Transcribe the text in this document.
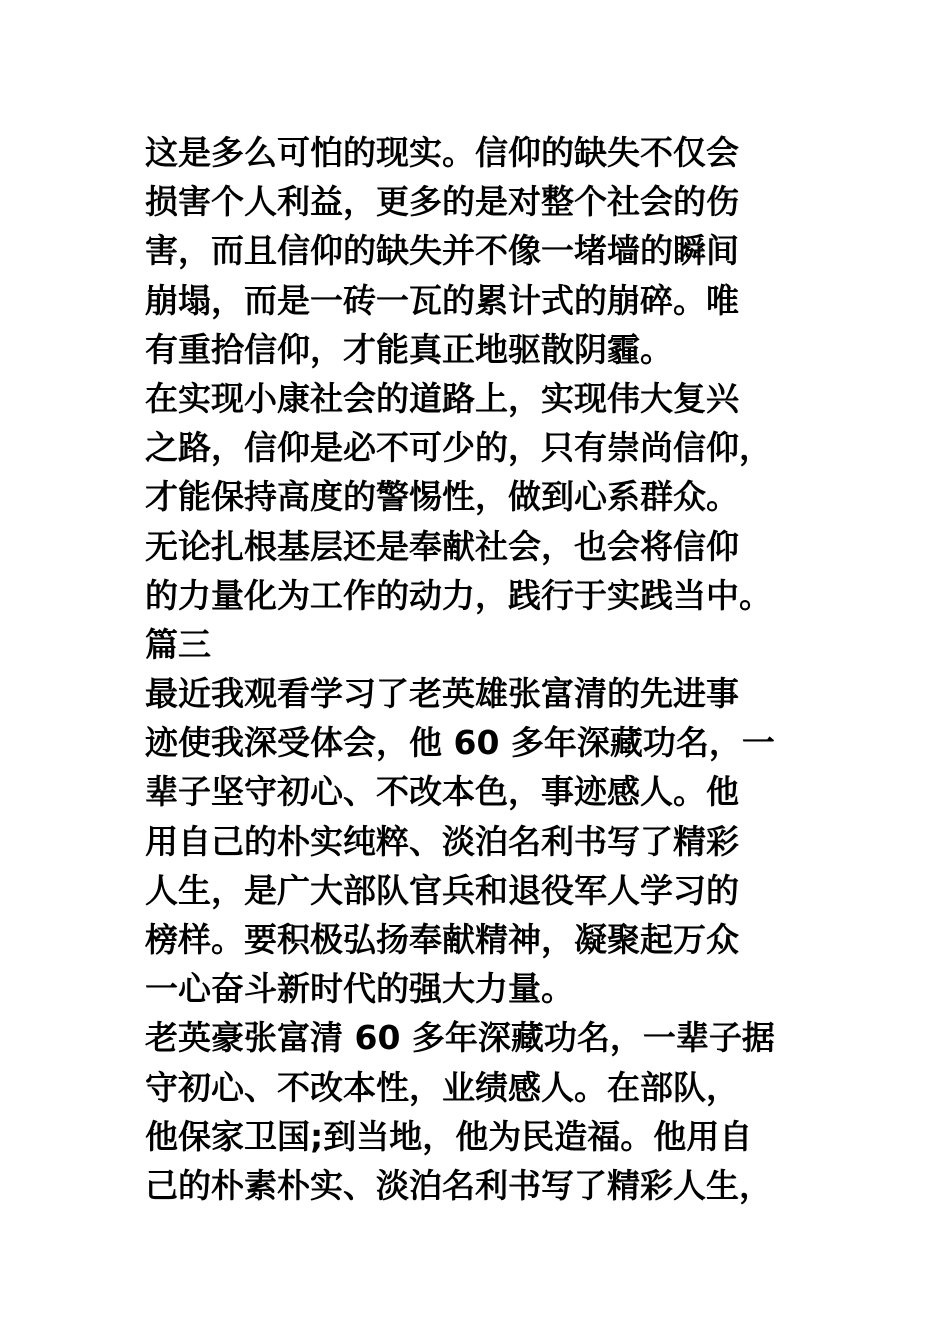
这是多么可怕的现实。信仰的缺失不仅会
损害个人利益，更多的是对整个社会的伤
害，而且信仰的缺失并不像一堵墙的瞬间
崩塌，而是一砖一瓦的累计式的崩碎。唯
有重拾信仰，才能真正地驱散阴霾。
在实现小康社会的道路上，实现伟大复兴
之路，信仰是必不可少的，只有崇尚信仰，
才能保持高度的警惕性，做到心系群众。
无论扎根基层还是奉献社会，也会将信仰
的力量化为工作的动力，践行于实践当中。
篇三
最近我观看学习了老英雄张富清的先进事
迹使我深受体会，他 60 多年深藏功名，一
辈子坚守初心、不改本色，事迹感人。他
用自己的朴实纯粹、淡泊名利书写了精彩
人生，是广大部队官兵和退役军人学习的
榜样。要积极弘扬奉献精神，凝聚起万众
一心奋斗新时代的强大力量。
老英豪张富清 60 多年深藏功名，一辈子据
守初心、不改本性，业绩感人。在部队，
他保家卫国;到当地，他为民造福。他用自
己的朴素朴实、淡泊名利书写了精彩人生，
